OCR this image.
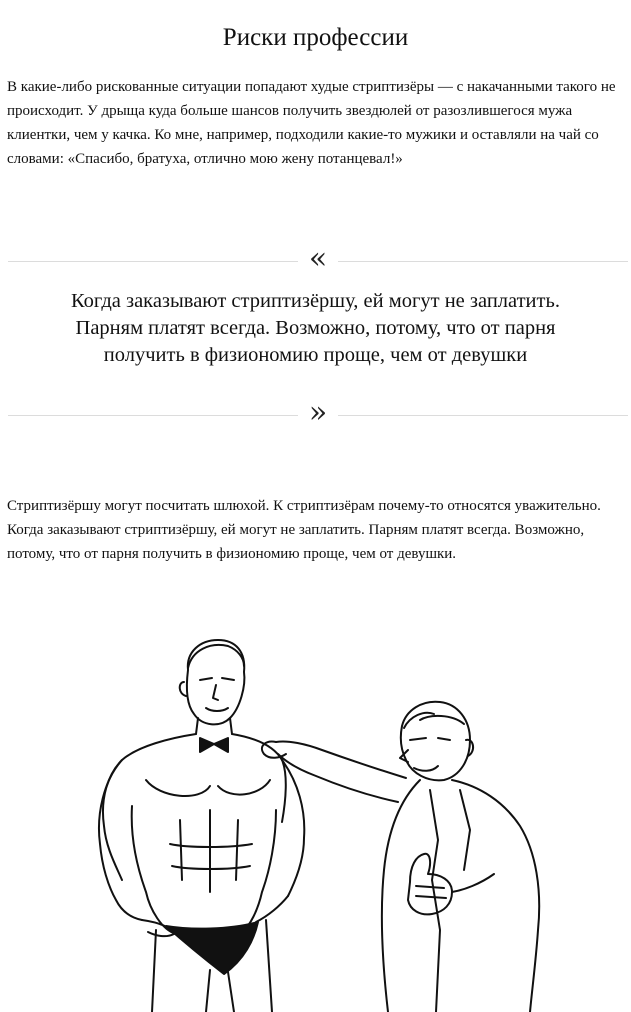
Риски профессии

В какие-либо рискованные ситуации попадают худые стриптизёры — с накачанными такого не происходит. У дрыща куда больше шансов получить звездюлей от разозлившегося мужа клиентки, чем у качка. Ко мне, например, подходили какие-то мужики и оставляли на чай со словами: «Спасибо, братуха, отлично мою жену потанцевал!»

«
Когда заказывают стриптизёршу, ей могут не заплатить.
Парням платят всегда. Возможно, потому, что от парня
получить в физиономию проще, чем от девушки
»

Стриптизёршу могут посчитать шлюхой. К стриптизёрам почему-то относятся уважительно. Когда заказывают стриптизёршу, ей могут не заплатить. Парням платят всегда. Возможно, потому, что от парня получить в физиономию проще, чем от девушки.
